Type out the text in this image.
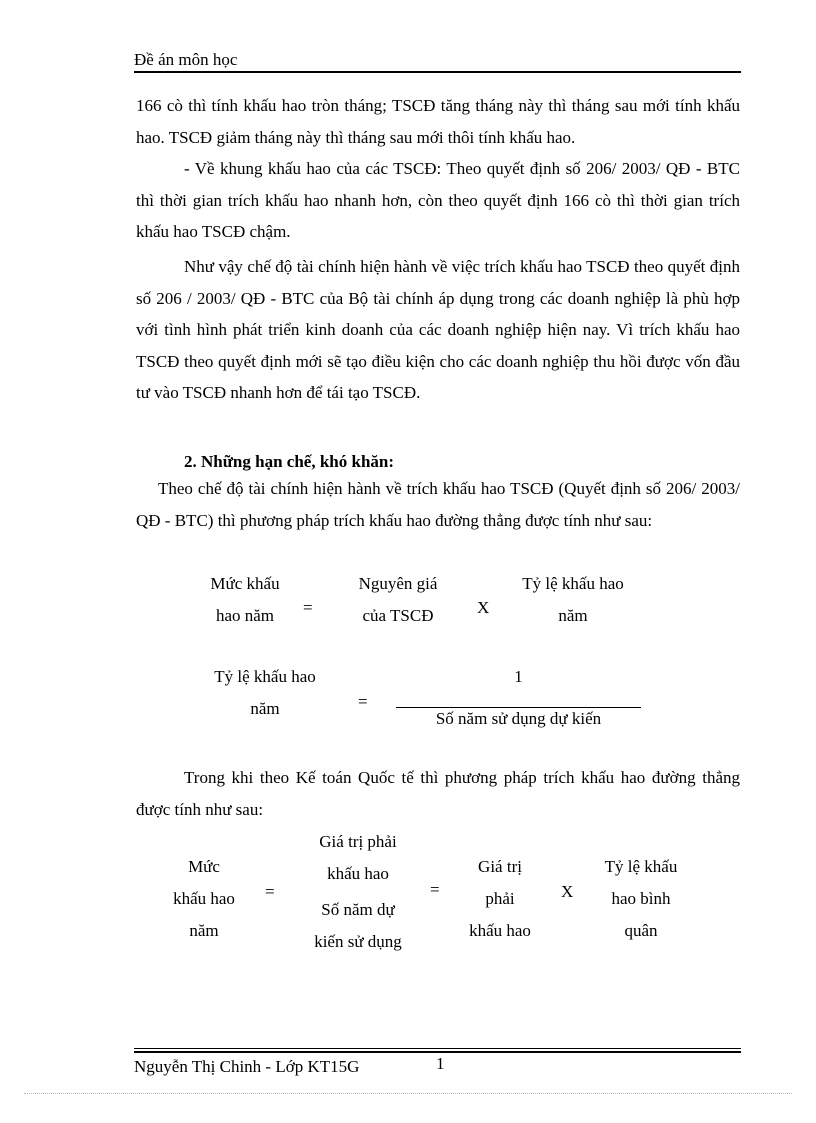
Đề án môn học

166 cò thì tính khấu hao tròn tháng; TSCĐ tăng tháng này thì tháng sau mới tính khấu hao. TSCĐ giảm tháng này thì tháng sau mới thôi tính khấu hao.

- Về khung khấu hao của các TSCĐ: Theo quyết định số 206/ 2003/ QĐ - BTC thì thời gian trích khấu hao nhanh hơn, còn theo quyết định 166 cò thì thời gian trích khấu hao TSCĐ chậm.

Như vậy chế độ tài chính hiện hành về việc trích khấu hao TSCĐ theo quyết định số 206 / 2003/ QĐ - BTC của Bộ tài chính áp dụng trong các doanh nghiệp là phù hợp với tình hình phát triển kinh doanh của các doanh nghiệp hiện nay. Vì trích khấu hao TSCĐ theo quyết định mới sẽ tạo điều kiện cho các doanh nghiệp thu hồi được vốn đầu tư vào TSCĐ nhanh hơn để tái tạo TSCĐ.

2. Những hạn chế, khó khăn:

Theo chế độ tài chính hiện hành về trích khấu hao TSCĐ (Quyết định số 206/ 2003/ QĐ - BTC) thì phương pháp trích khấu hao đường thẳng được tính như sau:

Mức khấu
hao năm	=
Nguyên giá
của TSCĐ	X
Tỷ lệ khấu hao
năm
Tỷ lệ khấu hao
năm	=
1
Số năm sử dụng dự kiến

Trong khi theo Kế toán Quốc tế thì phương pháp trích khấu hao đường thẳng được tính như sau:

Mức
khấu hao
năm
=
Giá trị phải
khấu hao
Số năm dự
kiến sử dụng
=
Giá trị
phải
khấu hao
X
Tỷ lệ khấu
hao bình
quân
Nguyễn Thị Chinh - Lớp KT15G	1
